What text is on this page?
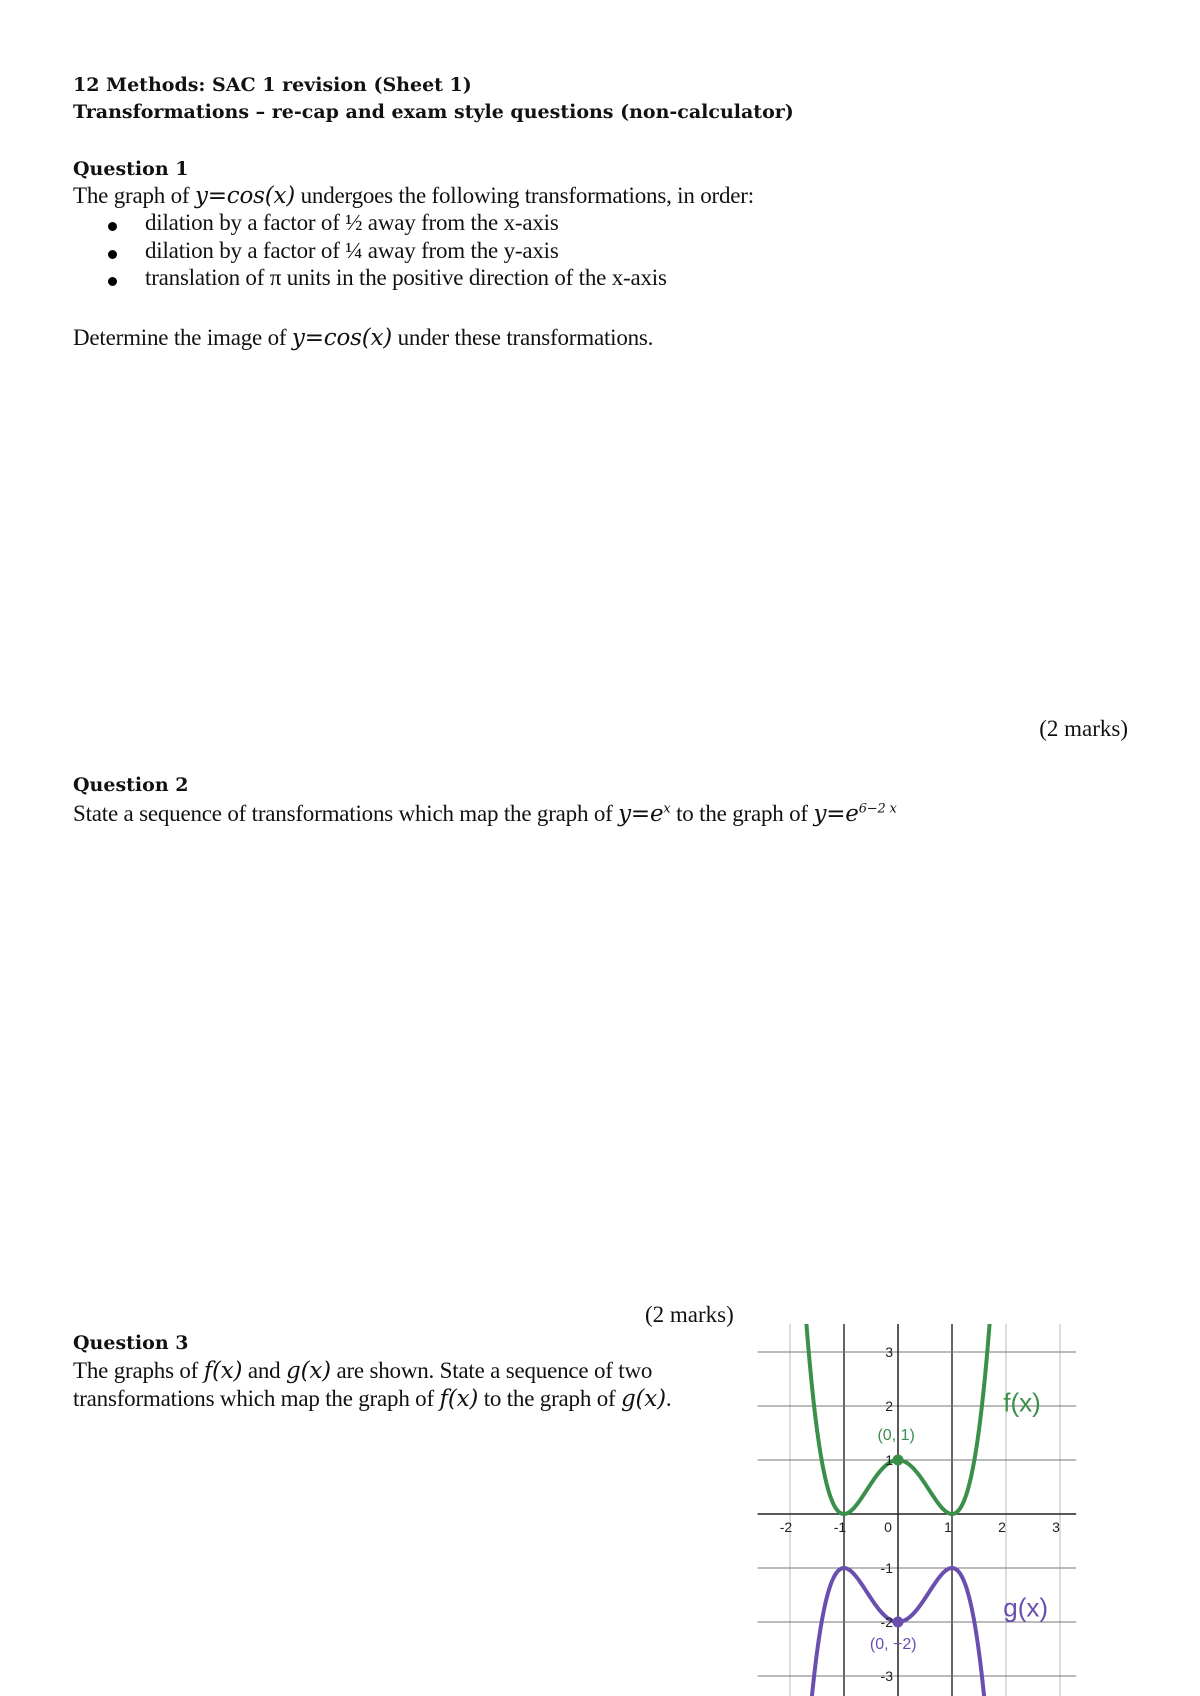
12 Methods: SAC 1 revision (Sheet 1)
Transformations – re-cap and exam style questions (non-calculator)
Question 1
The graph of y=cos(x) undergoes the following transformations, in order:
dilation by a factor of ½ away from the x-axis
dilation by a factor of ¼ away from the y-axis
translation of π units in the positive direction of the x-axis
Determine the image of y=cos(x) under these transformations.
(2 marks)
Question 2
State a sequence of transformations which map the graph of $y=e^x$ to the graph of $y=e^{6-2 x}$
(2 marks)
Question 3
The graphs of f(x) and g(x) are shown. State a sequence of two
transformations which map the graph of f(x) to the graph of g(x).
-2	-1	0	1	2	3
3
2
1
-1
-2
-3
f(x)
g(x)
(0, 1)
(0, −2)
